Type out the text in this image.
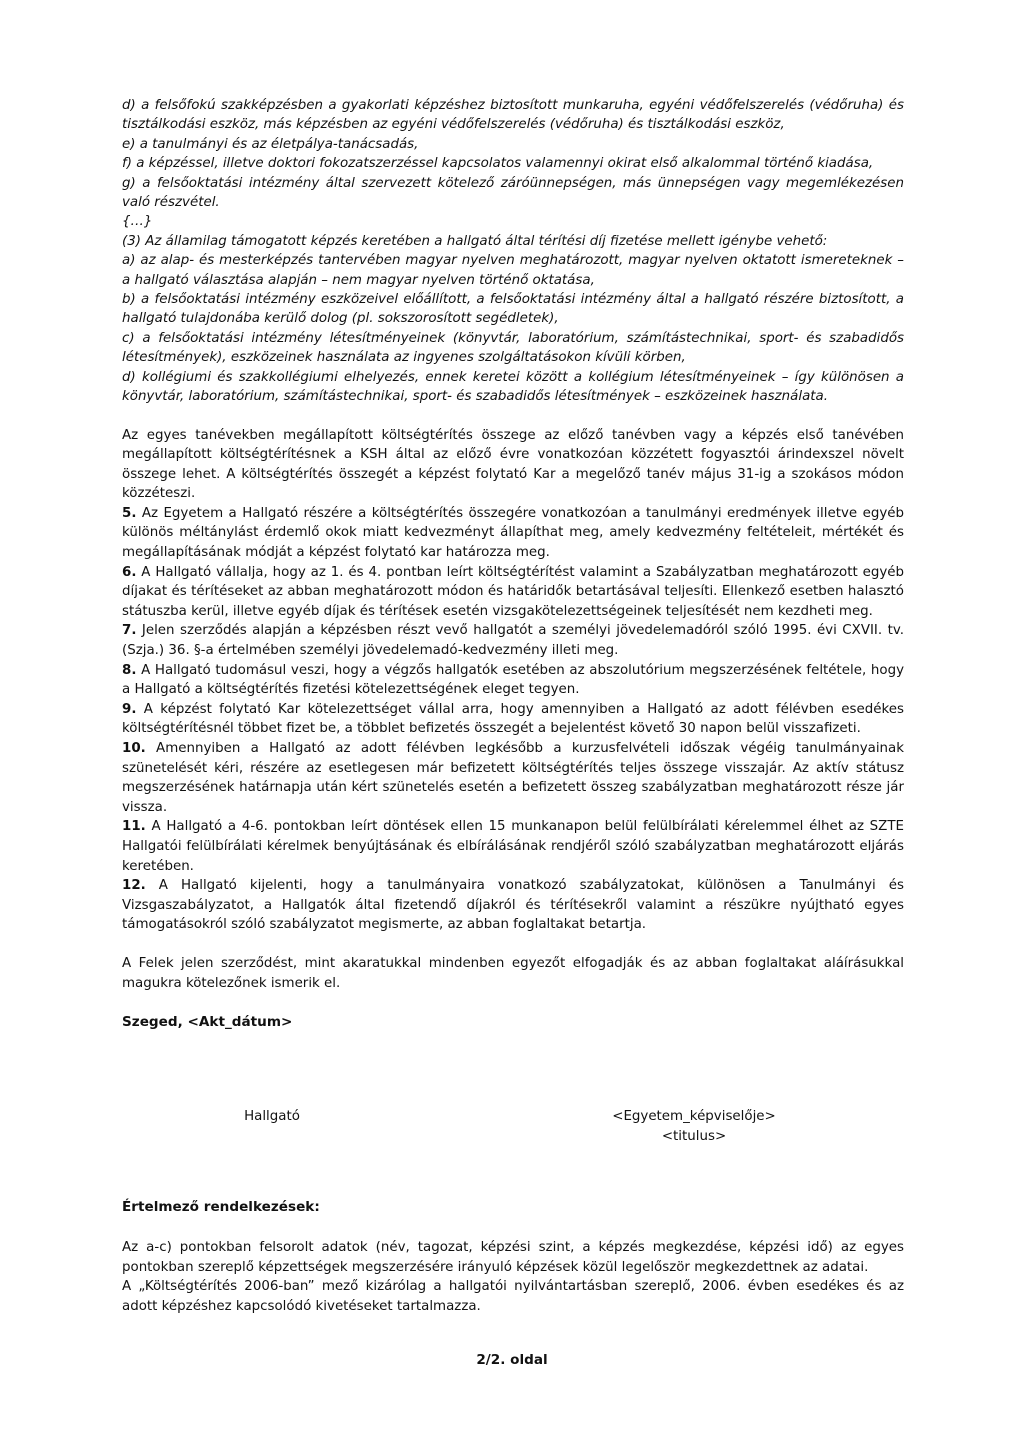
d) a felsőfokú szakképzésben a gyakorlati képzéshez biztosított munkaruha, egyéni védőfelszerelés (védőruha) és tisztálkodási eszköz, más képzésben az egyéni védőfelszerelés (védőruha) és tisztálkodási eszköz,

e) a tanulmányi és az életpálya-tanácsadás,

f) a képzéssel, illetve doktori fokozatszerzéssel kapcsolatos valamennyi okirat első alkalommal történő kiadása,

g) a felsőoktatási intézmény által szervezett kötelező záróünnepségen, más ünnepségen vagy megemlékezésen való részvétel.

{…}

(3) Az államilag támogatott képzés keretében a hallgató által térítési díj fizetése mellett igénybe vehető:

a) az alap- és mesterképzés tantervében magyar nyelven meghatározott, magyar nyelven oktatott ismereteknek – a hallgató választása alapján – nem magyar nyelven történő oktatása,

b) a felsőoktatási intézmény eszközeivel előállított, a felsőoktatási intézmény által a hallgató részére biztosított, a hallgató tulajdonába kerülő dolog (pl. sokszorosított segédletek),

c) a felsőoktatási intézmény létesítményeinek (könyvtár, laboratórium, számítástechnikai, sport- és szabadidős létesítmények), eszközeinek használata az ingyenes szolgáltatásokon kívüli körben,

d) kollégiumi és szakkollégiumi elhelyezés, ennek keretei között a kollégium létesítményeinek – így különösen a könyvtár, laboratórium, számítástechnikai, sport- és szabadidős létesítmények – eszközeinek használata.

Az egyes tanévekben megállapított költségtérítés összege az előző tanévben vagy a képzés első tanévében megállapított költségtérítésnek a KSH által az előző évre vonatkozóan közzétett fogyasztói árindexszel növelt összege lehet. A költségtérítés összegét a képzést folytató Kar a megelőző tanév május 31-ig a szokásos módon közzéteszi.

5. Az Egyetem a Hallgató részére a költségtérítés összegére vonatkozóan a tanulmányi eredmények illetve egyéb különös méltánylást érdemlő okok miatt kedvezményt állapíthat meg, amely kedvezmény feltételeit, mértékét és megállapításának módját a képzést folytató kar határozza meg.

6. A Hallgató vállalja, hogy az 1. és 4. pontban leírt költségtérítést valamint a Szabályzatban meghatározott egyéb díjakat és térítéseket az abban meghatározott módon és határidők betartásával teljesíti. Ellenkező esetben halasztó státuszba kerül, illetve egyéb díjak és térítések esetén vizsgakötelezettségeinek teljesítését nem kezdheti meg.

7. Jelen szerződés alapján a képzésben részt vevő hallgatót a személyi jövedelemadóról szóló 1995. évi CXVII. tv. (Szja.) 36. §-a értelmében személyi jövedelemadó-kedvezmény illeti meg.

8. A Hallgató tudomásul veszi, hogy a végzős hallgatók esetében az abszolutórium megszerzésének feltétele, hogy a Hallgató a költségtérítés fizetési kötelezettségének eleget tegyen.

9. A képzést folytató Kar kötelezettséget vállal arra, hogy amennyiben a Hallgató az adott félévben esedékes költségtérítésnél többet fizet be, a többlet befizetés összegét a bejelentést követő 30 napon belül visszafizeti.

10. Amennyiben a Hallgató az adott félévben legkésőbb a kurzusfelvételi időszak végéig tanulmányainak szünetelését kéri, részére az esetlegesen már befizetett költségtérítés teljes összege visszajár. Az aktív státusz megszerzésének határnapja után kért szünetelés esetén a befizetett összeg szabályzatban meghatározott része jár vissza.

11. A Hallgató a 4-6. pontokban leírt döntések ellen 15 munkanapon belül felülbírálati kérelemmel élhet az SZTE Hallgatói felülbírálati kérelmek benyújtásának és elbírálásának rendjéről szóló szabályzatban meghatározott eljárás keretében.

12. A Hallgató kijelenti, hogy a tanulmányaira vonatkozó szabályzatokat, különösen a Tanulmányi és Vizsgaszabályzatot, a Hallgatók által fizetendő díjakról és térítésekről valamint a részükre nyújtható egyes támogatásokról szóló szabályzatot megismerte, az abban foglaltakat betartja.

A Felek jelen szerződést, mint akaratukkal mindenben egyezőt elfogadják és az abban foglaltakat aláírásukkal magukra kötelezőnek ismerik el.

Szeged, <Akt_dátum>
Hallgató	<Egyetem_képviselője>
<titulus>
Értelmező rendelkezések:

Az a-c) pontokban felsorolt adatok (név, tagozat, képzési szint, a képzés megkezdése, képzési idő) az egyes pontokban szereplő képzettségek megszerzésére irányuló képzések közül legelőször megkezdettnek az adatai.

A „Költségtérítés 2006-ban” mező kizárólag a hallgatói nyilvántartásban szereplő, 2006. évben esedékes és az adott képzéshez kapcsolódó kivetéseket tartalmazza.

2/2. oldal
